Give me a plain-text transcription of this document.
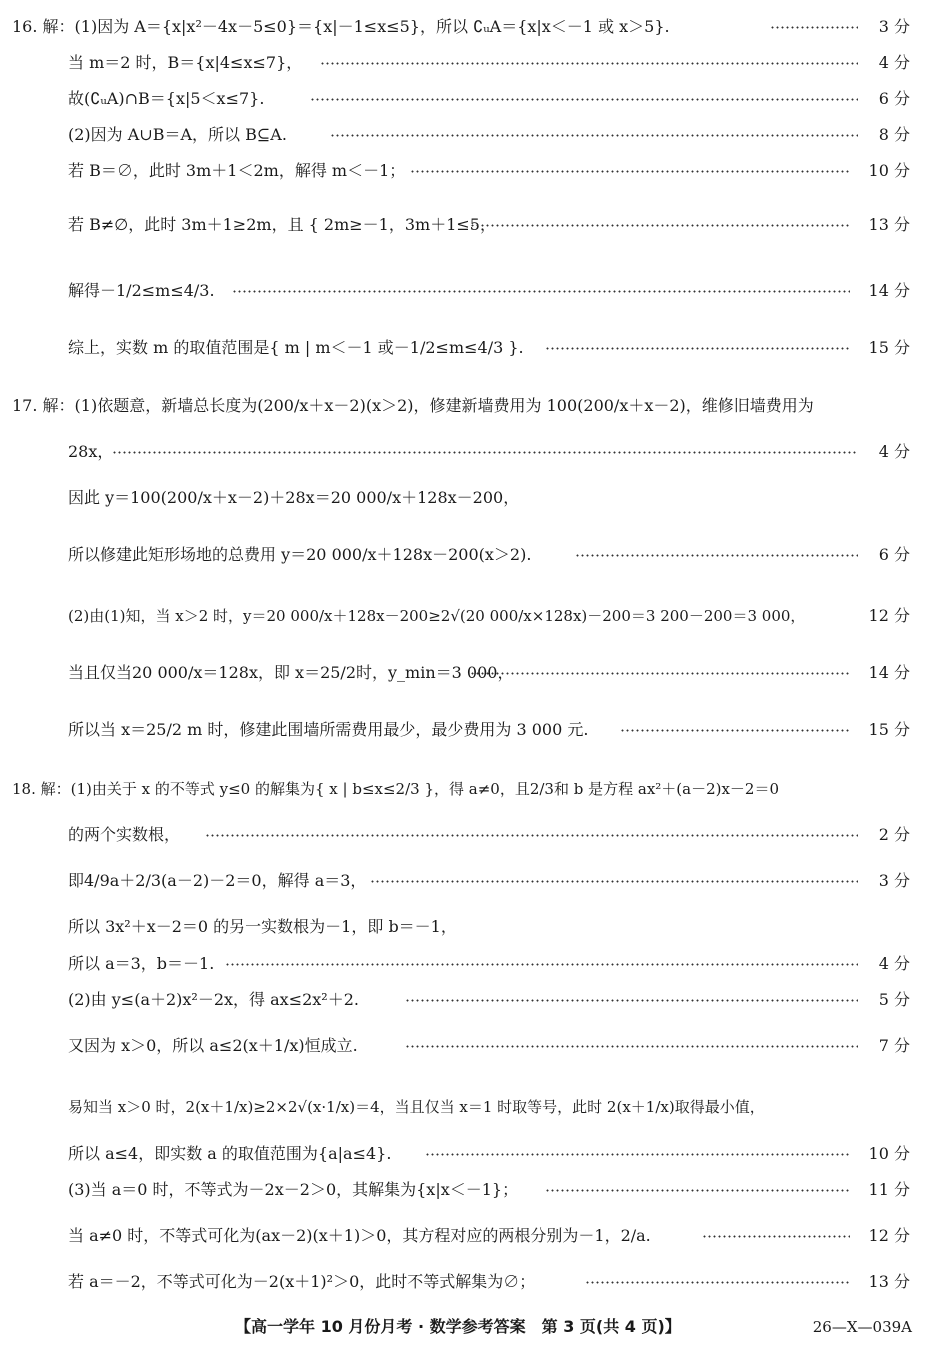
16. 解：(1)因为 A＝{x|x²－4x－5≤0}＝{x|－1≤x≤5}，所以 ∁ᵤA＝{x|x＜－1 或 x＞5}.	3 分
当 m＝2 时，B＝{x|4≤x≤7}，	4 分
故(∁ᵤA)∩B＝{x|5＜x≤7}.	6 分
(2)因为 A∪B＝A，所以 B⊆A.	8 分
若 B＝∅，此时 3m＋1＜2m，解得 m＜－1；	10 分
若 B≠∅，此时 3m＋1≥2m，且 { 2m≥－1，3m＋1≤5，	13 分
解得－1/2≤m≤4/3.	14 分
综上，实数 m 的取值范围是{ m | m＜－1 或－1/2≤m≤4/3 }.	15 分
17. 解：(1)依题意，新墙总长度为(200/x＋x－2)(x＞2)，修建新墙费用为 100(200/x＋x－2)，维修旧墙费用为
28x，	4 分
因此 y＝100(200/x＋x－2)＋28x＝20 000/x＋128x－200，
所以修建此矩形场地的总费用 y＝20 000/x＋128x－200(x＞2).	6 分
(2)由(1)知，当 x＞2 时，y＝20 000/x＋128x－200≥2√(20 000/x×128x)－200＝3 200－200＝3 000，	12 分
当且仅当20 000/x＝128x，即 x＝25/2时，y_min＝3 000，	14 分
所以当 x＝25/2 m 时，修建此围墙所需费用最少，最少费用为 3 000 元.	15 分
18. 解：(1)由关于 x 的不等式 y≤0 的解集为{ x | b≤x≤2/3 }，得 a≠0，且2/3和 b 是方程 ax²＋(a－2)x－2＝0
的两个实数根，	2 分
即4/9a＋2/3(a－2)－2＝0，解得 a＝3，	3 分
所以 3x²＋x－2＝0 的另一实数根为－1，即 b＝－1，
所以 a＝3，b＝－1.	4 分
(2)由 y≤(a＋2)x²－2x，得 ax≤2x²＋2.	5 分
又因为 x＞0，所以 a≤2(x＋1/x)恒成立.	7 分
易知当 x＞0 时，2(x＋1/x)≥2×2√(x·1/x)＝4，当且仅当 x＝1 时取等号，此时 2(x＋1/x)取得最小值，
所以 a≤4，即实数 a 的取值范围为{a|a≤4}.	10 分
(3)当 a＝0 时，不等式为－2x－2＞0，其解集为{x|x＜－1}；	11 分
当 a≠0 时，不等式可化为(ax－2)(x＋1)＞0，其方程对应的两根分别为－1，2/a.	12 分
若 a＝－2，不等式可化为－2(x＋1)²＞0，此时不等式解集为∅；	13 分
【高一学年 10 月份月考 · 数学参考答案　第 3 页(共 4 页)】	26—X—039A
